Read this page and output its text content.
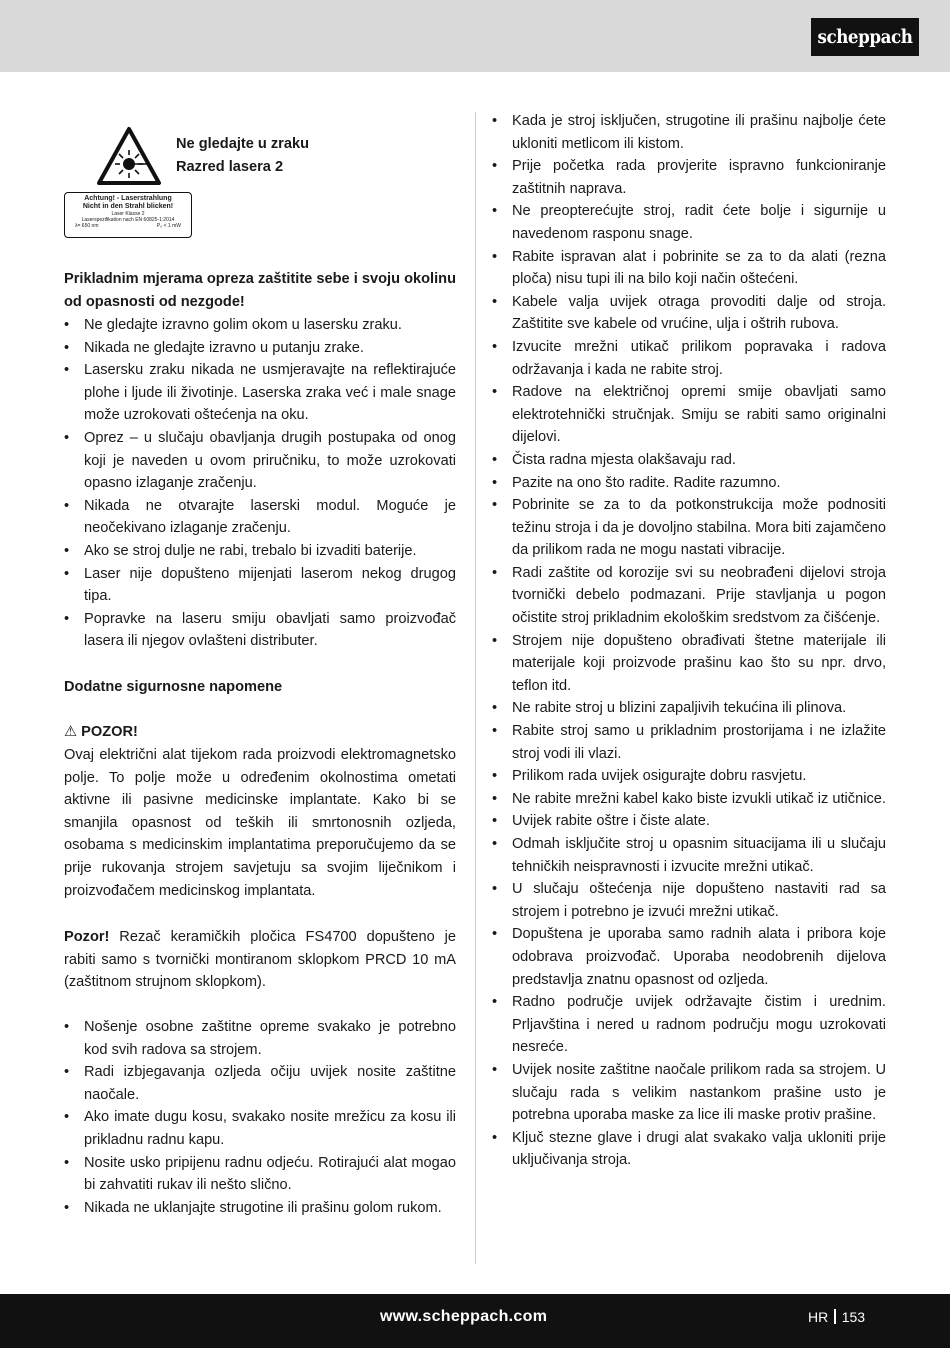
scheppach
Ne gledajte u zraku
Razred lasera 2
Achtung! - Laserstrahlung
Nicht in den Strahl blicken!
Laser Klasse 2
Laserspezifikation nach EN 60825-1:2014
λ= 650 nm	P₀ < 1 mW

Prikladnim mjerama opreza zaštitite sebe i svoju okolinu od opasnosti od nezgode!

• Ne gledajte izravno golim okom u lasersku zraku.
• Nikada ne gledajte izravno u putanju zrake.
• Lasersku zraku nikada ne usmjeravajte na reflektirajuće plohe i ljude ili životinje. Laserska zraka već i male snage može uzrokovati oštećenja na oku.
• Oprez – u slučaju obavljanja drugih postupaka od onog koji je naveden u ovom priručniku, to može uzrokovati opasno izlaganje zračenju.
• Nikada ne otvarajte laserski modul. Moguće je neočekivano izlaganje zračenju.
• Ako se stroj dulje ne rabi, trebalo bi izvaditi baterije.
• Laser nije dopušteno mijenjati laserom nekog drugog tipa.
• Popravke na laseru smiju obavljati samo proizvođač lasera ili njegov ovlašteni distributer.

Dodatne sigurnosne napomene

⚠ POZOR!

Ovaj električni alat tijekom rada proizvodi elektromagnetsko polje. To polje može u određenim okolnostima ometati aktivne ili pasivne medicinske implantate. Kako bi se smanjila opasnost od teških ili smrtonosnih ozljeda, osobama s medicinskim implantatima preporučujemo da se prije rukovanja strojem savjetuju sa svojim liječnikom i proizvođačem medicinskog implantata.

Pozor! Rezač keramičkih pločica FS4700 dopušteno je rabiti samo s tvornički montiranom sklopkom PRCD 10 mA (zaštitnom strujnom sklopkom).

• Nošenje osobne zaštitne opreme svakako je potrebno kod svih radova sa strojem.
• Radi izbjegavanja ozljeda očiju uvijek nosite zaštitne naočale.
• Ako imate dugu kosu, svakako nosite mrežicu za kosu ili prikladnu radnu kapu.
• Nosite usko pripijenu radnu odjeću. Rotirajući alat mogao bi zahvatiti rukav ili nešto slično.
• Nikada ne uklanjajte strugotine ili prašinu golom rukom.
• Kada je stroj isključen, strugotine ili prašinu najbolje ćete ukloniti metlicom ili kistom.
• Prije početka rada provjerite ispravno funkcioniranje zaštitnih naprava.
• Ne preopterećujte stroj, radit ćete bolje i sigurnije u navedenom rasponu snage.
• Rabite ispravan alat i pobrinite se za to da alati (rezna ploča) nisu tupi ili na bilo koji način oštećeni.
• Kabele valja uvijek otraga provoditi dalje od stroja. Zaštitite sve kabele od vrućine, ulja i oštrih rubova.
• Izvucite mrežni utikač prilikom popravaka i radova održavanja i kada ne rabite stroj.
• Radove na električnoj opremi smije obavljati samo elektrotehnički stručnjak. Smiju se rabiti samo originalni dijelovi.
• Čista radna mjesta olakšavaju rad.
• Pazite na ono što radite. Radite razumno.
• Pobrinite se za to da potkonstrukcija može podnositi težinu stroja i da je dovoljno stabilna. Mora biti zajamčeno da prilikom rada ne mogu nastati vibracije.
• Radi zaštite od korozije svi su neobrađeni dijelovi stroja tvornički debelo podmazani. Prije stavljanja u pogon očistite stroj prikladnim ekološkim sredstvom za čišćenje.
• Strojem nije dopušteno obrađivati štetne materijale ili materijale koji proizvode prašinu kao što su npr. drvo, teflon itd.
• Ne rabite stroj u blizini zapaljivih tekućina ili plinova.
• Rabite stroj samo u prikladnim prostorijama i ne izlažite stroj vodi ili vlazi.
• Prilikom rada uvijek osigurajte dobru rasvjetu.
• Ne rabite mrežni kabel kako biste izvukli utikač iz utičnice.
• Uvijek rabite oštre i čiste alate.
• Odmah isključite stroj u opasnim situacijama ili u slučaju tehničkih neispravnosti i izvucite mrežni utikač.
• U slučaju oštećenja nije dopušteno nastaviti rad sa strojem i potrebno je izvući mrežni utikač.
• Dopuštena je uporaba samo radnih alata i pribora koje odobrava proizvođač. Uporaba neodobrenih dijelova predstavlja znatnu opasnost od ozljeda.
• Radno područje uvijek održavajte čistim i urednim. Prljavština i nered u radnom području mogu uzrokovati nesreće.
• Uvijek nosite zaštitne naočale prilikom rada sa strojem. U slučaju rada s velikim nastankom prašine usto je potrebna uporaba maske za lice ili maske protiv prašine.
• Ključ stezne glave i drugi alat svakako valja ukloniti prije uključivanja stroja.
www.scheppach.com	HR 153
